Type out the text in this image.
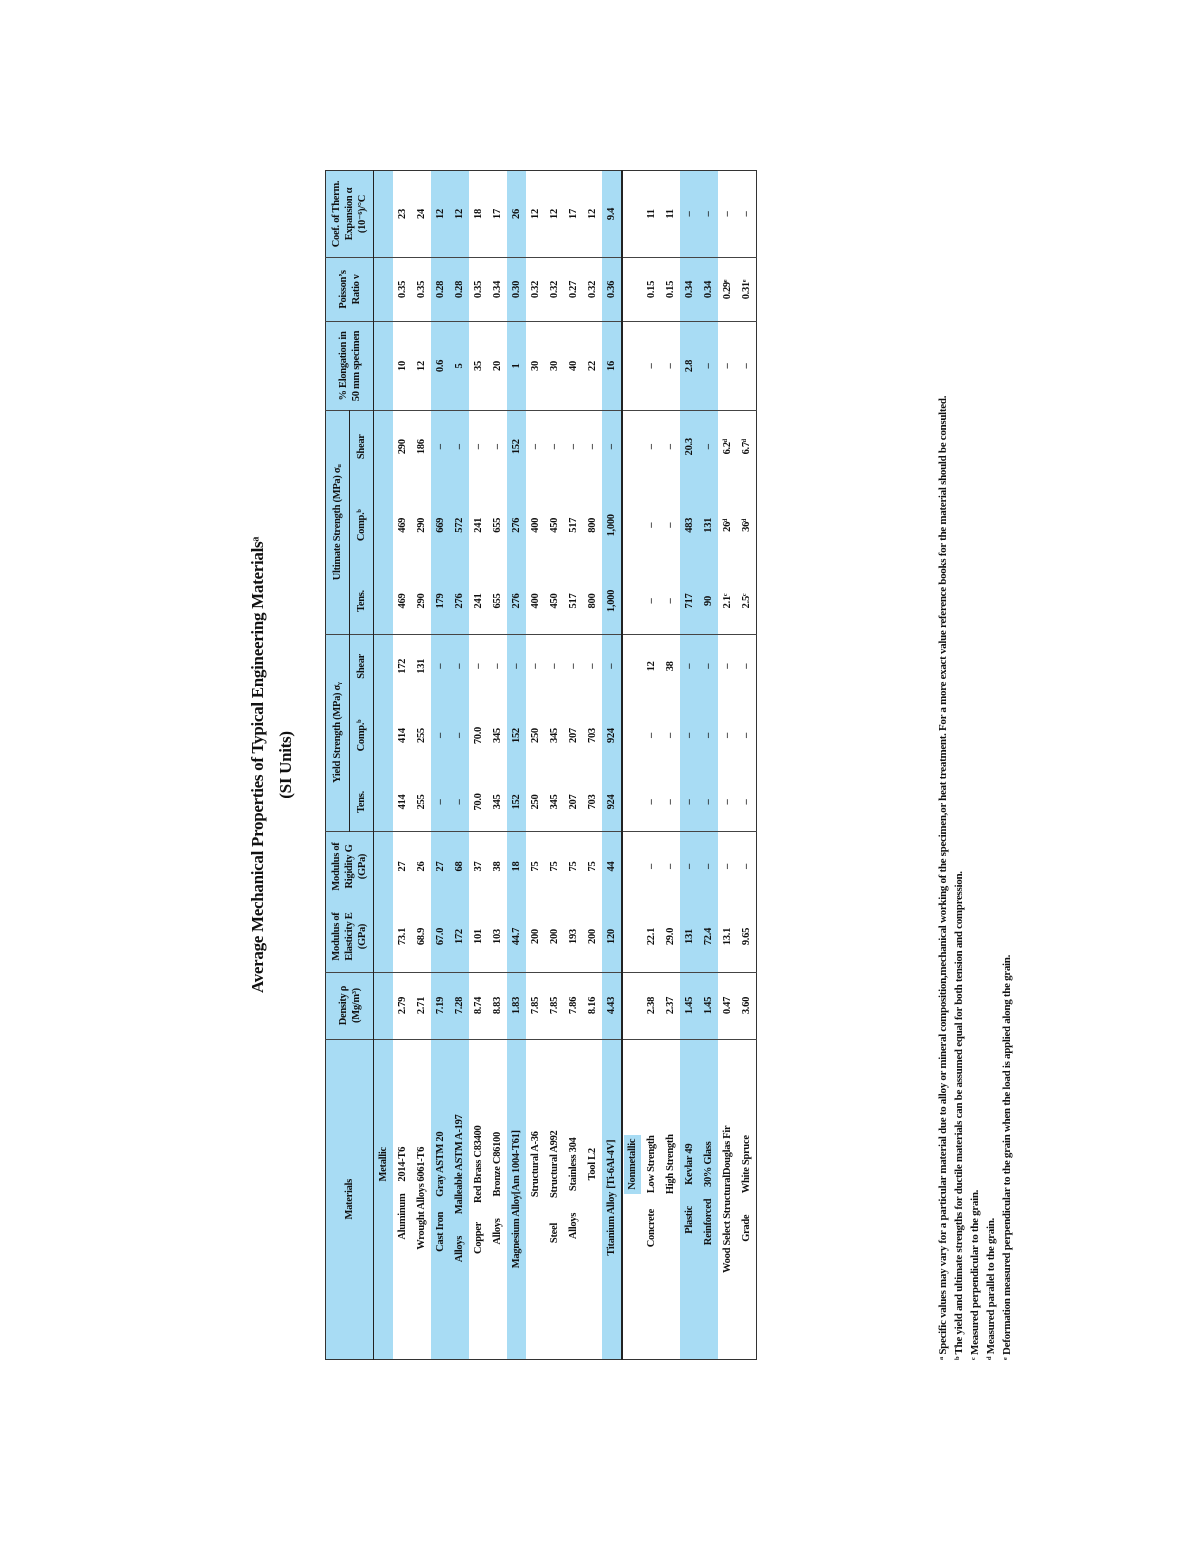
Average Mechanical Properties of Typical Engineering Materialsᵃ (SI Units)
Materials	Density ρ (Mg/m³)	Modulus of Elasticity E (GPa)	Modulus of Rigidity G (GPa)	Yield Strength (MPa) σᵧ			Ultimate Strength (MPa) σᵤ			% Elongation in 50 mm specimen	Poisson’s Ratio ν	Coef. of Therm. Expansion α (10⁻⁶)/°C
				Tens.	Comp.ᵇ	Shear	Tens.	Comp.ᵇ	Shear			
Metallic												
Aluminum2014-T6	2.79	73.1	27	414	414	172	469	469	290	10	0.35	23
Wrought Alloys6061-T6	2.71	68.9	26	255	255	131	290	290	186	12	0.35	24
Cast IronGray ASTM 20	7.19	67.0	27	–	–	–	179	669	–	0.6	0.28	12
AlloysMalleable ASTM A-197	7.28	172	68	–	–	–	276	572	–	5	0.28	12
CopperRed Brass C83400	8.74	101	37	70.0	70.0	–	241	241	–	35	0.35	18
AlloysBronze C86100	8.83	103	38	345	345	–	655	655	–	20	0.34	17
Magnesium Alloy[Am 1004-T61]	1.83	44.7	18	152	152	–	276	276	152	1	0.30	26
Structural A-36	7.85	200	75	250	250	–	400	400	–	30	0.32	12
SteelStructural A992	7.85	200	75	345	345	–	450	450	–	30	0.32	12
AlloysStainless 304	7.86	193	75	207	207	–	517	517	–	40	0.27	17
Tool L2	8.16	200	75	703	703	–	800	800	–	22	0.32	12
Titanium Alloy[Ti-6Al-4V]	4.43	120	44	924	924	–	1,000	1,000	–	16	0.36	9.4
Nonmetallic												
ConcreteLow Strength	2.38	22.1	–	–	–	12	–	–	–	–	0.15	11
High Strength	2.37	29.0	–	–	–	38	–	–	–	–	0.15	11
PlasticKevlar 49	1.45	131	–	–	–	–	717	483	20.3	2.8	0.34	–
Reinforced30% Glass	1.45	72.4	–	–	–	–	90	131	–	–	0.34	–
Wood Select StructuralDouglas Fir	0.47	13.1	–	–	–	–	2.1ᶜ	26ᵈ	6.2ᵈ	–	0.29ᵉ	–
GradeWhite Spruce	3.60	9.65	–	–	–	–	2.5ᶜ	36ᵈ	6.7ᵈ	–	0.31ᵉ	–

ᵃ Specific values may vary for a particular material due to alloy or mineral composition,mechanical working of the specimen,or heat treatment. For a more exact value reference books for the material should be consulted. ᵇ The yield and ultimate strengths for ductile materials can be assumed equal for both tension and compression. ᶜ Measured perpendicular to the grain. ᵈ Measured parallel to the grain. ᵉ Deformation measured perpendicular to the grain when the load is applied along the grain.
